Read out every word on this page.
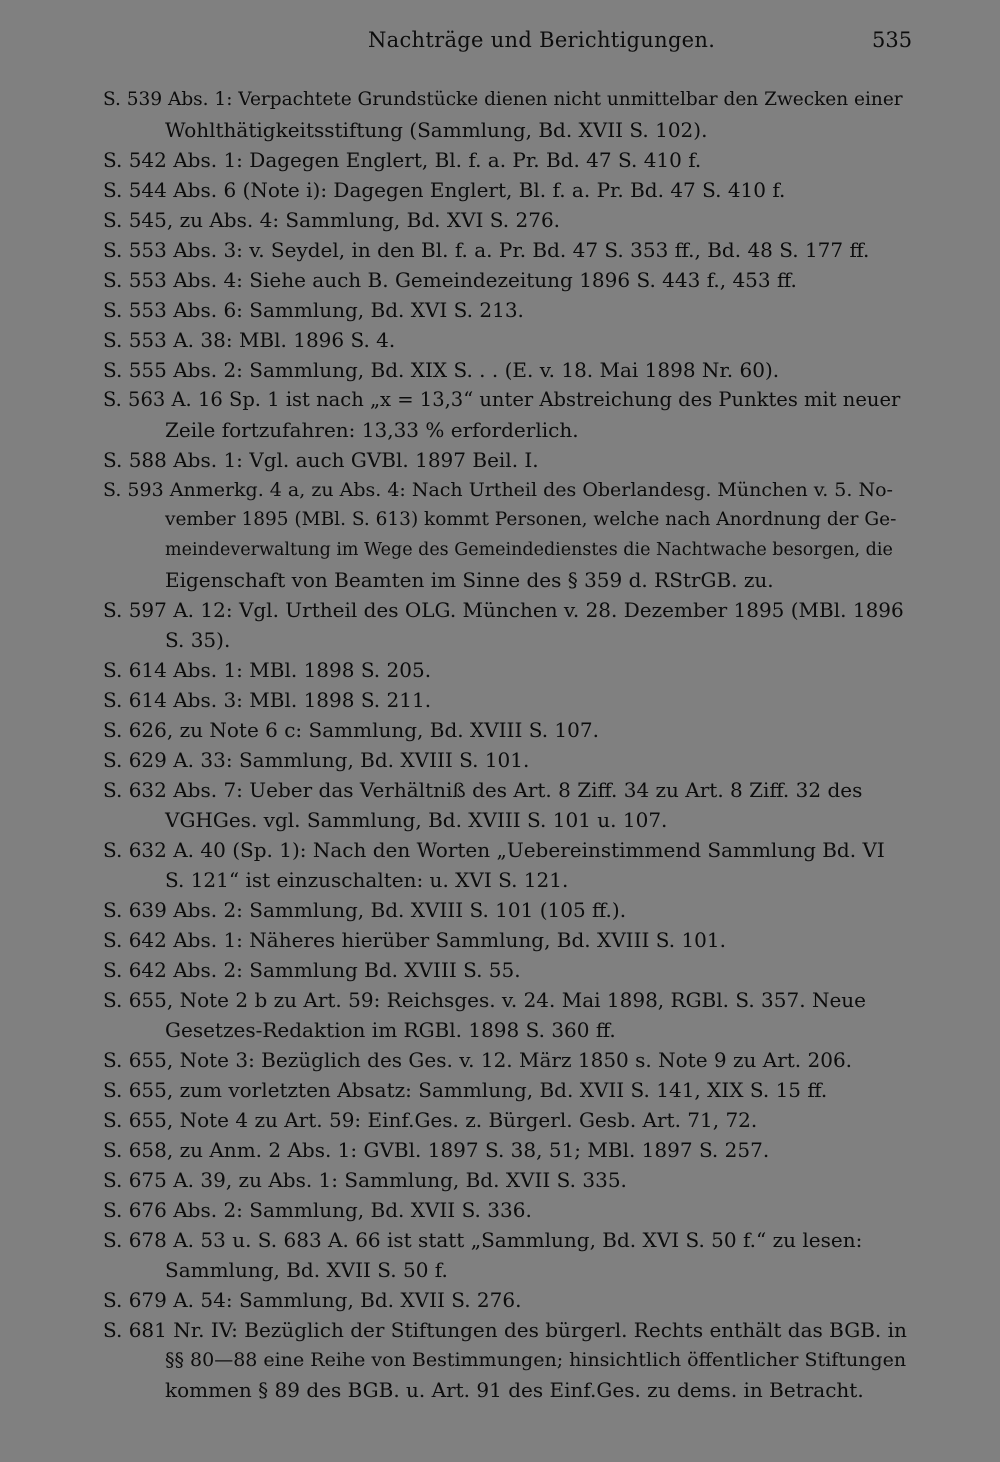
Nachträge und Berichtigungen.	535
S. 539 Abs. 1: Verpachtete Grundstücke dienen nicht unmittelbar den Zwecken einer
Wohlthätigkeitsstiftung (Sammlung, Bd. XVII S. 102).
S. 542 Abs. 1: Dagegen Englert, Bl. f. a. Pr. Bd. 47 S. 410 f.
S. 544 Abs. 6 (Note i): Dagegen Englert, Bl. f. a. Pr. Bd. 47 S. 410 f.
S. 545, zu Abs. 4: Sammlung, Bd. XVI S. 276.
S. 553 Abs. 3: v. Seydel, in den Bl. f. a. Pr. Bd. 47 S. 353 ff., Bd. 48 S. 177 ff.
S. 553 Abs. 4: Siehe auch B. Gemeindezeitung 1896 S. 443 f., 453 ff.
S. 553 Abs. 6: Sammlung, Bd. XVI S. 213.
S. 553 A. 38: MBl. 1896 S. 4.
S. 555 Abs. 2: Sammlung, Bd. XIX S. . . (E. v. 18. Mai 1898 Nr. 60).
S. 563 A. 16 Sp. 1 ist nach „x = 13,3“ unter Abstreichung des Punktes mit neuer
Zeile fortzufahren: 13,33 % erforderlich.
S. 588 Abs. 1: Vgl. auch GVBl. 1897 Beil. I.
S. 593 Anmerkg. 4 a, zu Abs. 4: Nach Urtheil des Oberlandesg. München v. 5. No-
vember 1895 (MBl. S. 613) kommt Personen, welche nach Anordnung der Ge-
meindeverwaltung im Wege des Gemeindedienstes die Nachtwache besorgen, die
Eigenschaft von Beamten im Sinne des § 359 d. RStrGB. zu.
S. 597 A. 12: Vgl. Urtheil des OLG. München v. 28. Dezember 1895 (MBl. 1896
S. 35).
S. 614 Abs. 1: MBl. 1898 S. 205.
S. 614 Abs. 3: MBl. 1898 S. 211.
S. 626, zu Note 6 c: Sammlung, Bd. XVIII S. 107.
S. 629 A. 33: Sammlung, Bd. XVIII S. 101.
S. 632 Abs. 7: Ueber das Verhältniß des Art. 8 Ziff. 34 zu Art. 8 Ziff. 32 des
VGHGes. vgl. Sammlung, Bd. XVIII S. 101 u. 107.
S. 632 A. 40 (Sp. 1): Nach den Worten „Uebereinstimmend Sammlung Bd. VI
S. 121“ ist einzuschalten: u. XVI S. 121.
S. 639 Abs. 2: Sammlung, Bd. XVIII S. 101 (105 ff.).
S. 642 Abs. 1: Näheres hierüber Sammlung, Bd. XVIII S. 101.
S. 642 Abs. 2: Sammlung Bd. XVIII S. 55.
S. 655, Note 2 b zu Art. 59: Reichsges. v. 24. Mai 1898, RGBl. S. 357. Neue
Gesetzes-Redaktion im RGBl. 1898 S. 360 ff.
S. 655, Note 3: Bezüglich des Ges. v. 12. März 1850 s. Note 9 zu Art. 206.
S. 655, zum vorletzten Absatz: Sammlung, Bd. XVII S. 141, XIX S. 15 ff.
S. 655, Note 4 zu Art. 59: Einf.Ges. z. Bürgerl. Gesb. Art. 71, 72.
S. 658, zu Anm. 2 Abs. 1: GVBl. 1897 S. 38, 51; MBl. 1897 S. 257.
S. 675 A. 39, zu Abs. 1: Sammlung, Bd. XVII S. 335.
S. 676 Abs. 2: Sammlung, Bd. XVII S. 336.
S. 678 A. 53 u. S. 683 A. 66 ist statt „Sammlung, Bd. XVI S. 50 f.“ zu lesen:
Sammlung, Bd. XVII S. 50 f.
S. 679 A. 54: Sammlung, Bd. XVII S. 276.
S. 681 Nr. IV: Bezüglich der Stiftungen des bürgerl. Rechts enthält das BGB. in
§§ 80—88 eine Reihe von Bestimmungen; hinsichtlich öffentlicher Stiftungen
kommen § 89 des BGB. u. Art. 91 des Einf.Ges. zu dems. in Betracht.
